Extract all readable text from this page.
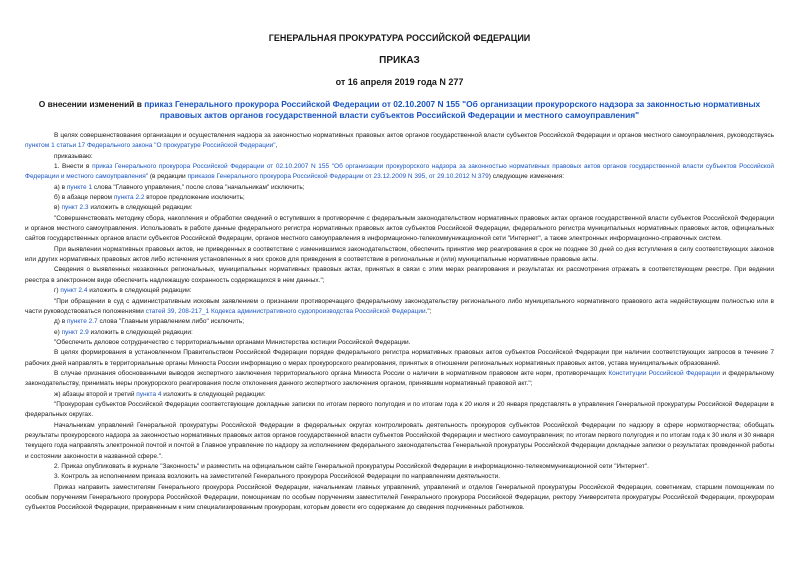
ГЕНЕРАЛЬНАЯ ПРОКУРАТУРА РОССИЙСКОЙ ФЕДЕРАЦИИ
ПРИКАЗ
от 16 апреля 2019 года N 277
О внесении изменений в приказ Генерального прокурора Российской Федерации от 02.10.2007 N 155 "Об организации прокурорского надзора за законностью нормативных правовых актов органов государственной власти субъектов Российской Федерации и местного самоуправления"

В целях совершенствования организации и осуществления надзора за законностью нормативных правовых актов органов государственной власти субъектов Российской Федерации и органов местного самоуправления, руководствуясь пунктом 1 статьи 17 Федерального закона "О прокуратуре Российской Федерации",

приказываю:

1. Внести в приказ Генерального прокурора Российской Федерации от 02.10.2007 N 155 "Об организации прокурорского надзора за законностью нормативных правовых актов органов государственной власти субъектов Российской Федерации и местного самоуправления" (в редакции приказов Генерального прокурора Российской Федерации от 23.12.2009 N 395, от 29.10.2012 N 379) следующие изменения:

а) в пункте 1 слова "Главного управления," после слова "начальникам" исключить;

б) в абзаце первом пункта 2.2 второе предложение исключить;

в) пункт 2.3 изложить в следующей редакции:

"Совершенствовать методику сбора, накопления и обработки сведений о вступивших в противоречие с федеральным законодательством нормативных правовых актах органов государственной власти субъектов Российской Федерации и органов местного самоуправления. Использовать в работе данные федерального регистра нормативных правовых актов субъектов Российской Федерации, федерального регистра муниципальных нормативных правовых актов, официальных сайтов государственных органов власти субъектов Российской Федерации, органов местного самоуправления в информационно-телекоммуникационной сети "Интернет", а также электронных информационно-справочных систем.

При выявлении нормативных правовых актов, не приведенных в соответствие с изменившимся законодательством, обеспечить принятие мер реагирования в срок не позднее 30 дней со дня вступления в силу соответствующих законов или других нормативных правовых актов либо истечения установленных в них сроков для приведения в соответствие в региональные и (или) муниципальные нормативные правовые акты.

Сведения о выявленных незаконных региональных, муниципальных нормативных правовых актах, принятых в связи с этим мерах реагирования и результатах их рассмотрения отражать в соответствующем реестре. При ведении реестра в электронном виде обеспечить надлежащую сохранность содержащихся в нем данных.";

г) пункт 2.4 изложить в следующей редакции:

"При обращении в суд с административным исковым заявлением о признании противоречащего федеральному законодательству регионального либо муниципального нормативного правового акта недействующим полностью или в части руководствоваться положениями статей 39, 208-217_1 Кодекса административного судопроизводства Российской Федерации.";

д) в пункте 2.7 слова "Главным управлением либо" исключить;

е) пункт 2.9 изложить в следующей редакции:

"Обеспечить деловое сотрудничество с территориальными органами Министерства юстиции Российской Федерации.

В целях формирования в установленном Правительством Российской Федерации порядке федерального регистра нормативных правовых актов субъектов Российской Федерации при наличии соответствующих запросов в течение 7 рабочих дней направлять в территориальные органы Минюста России информацию о мерах прокурорского реагирования, принятых в отношении региональных нормативных правовых актов, устава муниципальных образований.

В случае признания обоснованными выводов экспертного заключения территориального органа Минюста России о наличии в нормативном правовом акте норм, противоречащих Конституции Российской Федерации и федеральному законодательству, принимать меры прокурорского реагирования после отклонения данного экспертного заключения органом, принявшим нормативный правовой акт.";

ж) абзацы второй и третий пункта 4 изложить в следующей редакции:

"Прокурорам субъектов Российской Федерации соответствующие докладные записки по итогам первого полугодия и по итогам года к 20 июля и 20 января представлять в управления Генеральной прокуратуры Российской Федерации в федеральных округах.

Начальникам управлений Генеральной прокуратуры Российской Федерации в федеральных округах контролировать деятельность прокуроров субъектов Российской Федерации по надзору в сфере нормотворчества; обобщать результаты прокурорского надзора за законностью нормативных правовых актов органов государственной власти субъектов Российской Федерации и местного самоуправления; по итогам первого полугодия и по итогам года к 30 июля и 30 января текущего года направлять электронной почтой и почтой в Главное управление по надзору за исполнением федерального законодательства Генеральной прокуратуры Российской Федерации докладные записки о результатах проведенной работы и состоянии законности в названной сфере.".

2. Приказ опубликовать в журнале "Законность" и разместить на официальном сайте Генеральной прокуратуры Российской Федерации в информационно-телекоммуникационной сети "Интернет".

3. Контроль за исполнением приказа возложить на заместителей Генерального прокурора Российской Федерации по направлениям деятельности.

Приказ направить заместителям Генерального прокурора Российской Федерации, начальникам главных управлений, управлений и отделов Генеральной прокуратуры Российской Федерации, советникам, старшим помощникам по особым поручениям Генерального прокурора Российской Федерации, помощникам по особым поручениям заместителей Генерального прокурора Российской Федерации, ректору Университета прокуратуры Российской Федерации, прокурорам субъектов Российской Федерации, приравненным к ним специализированным прокурорам, которым довести его содержание до сведения подчиненных работников.
